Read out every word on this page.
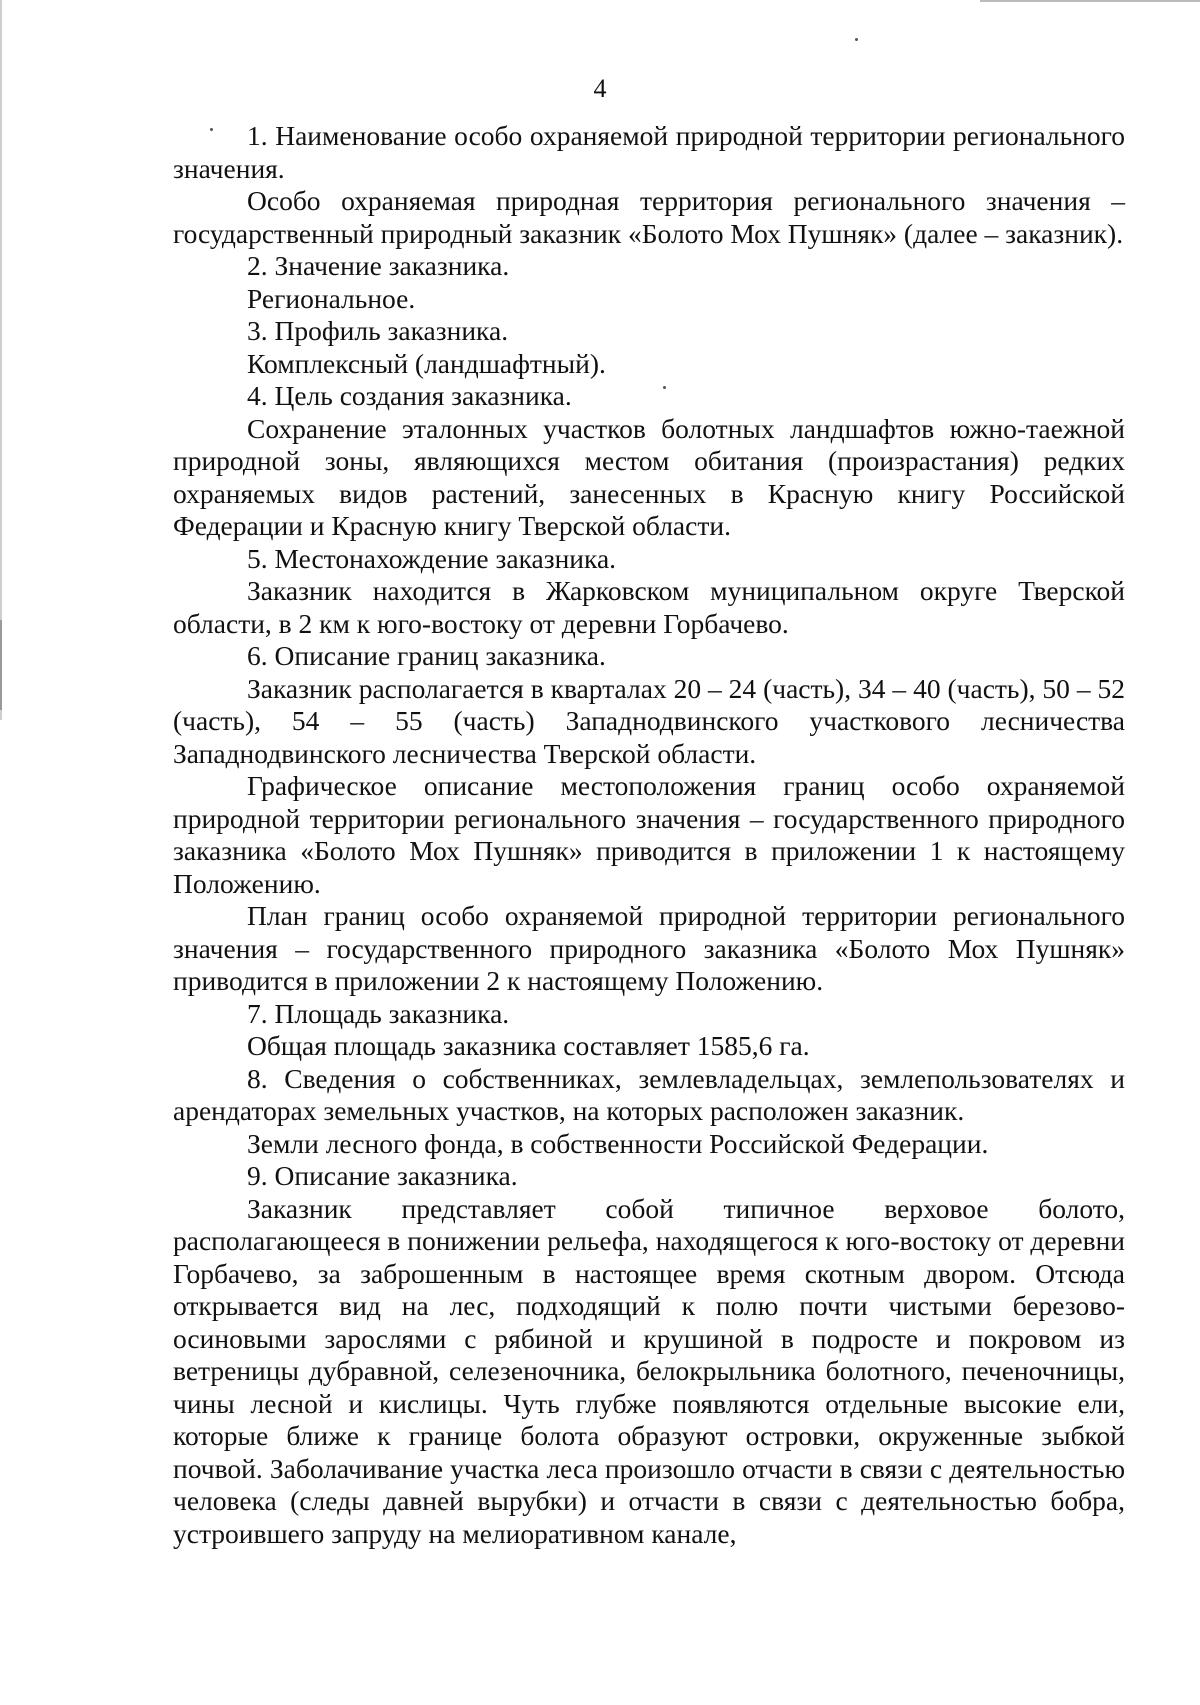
4

1. Наименование особо охраняемой природной территории регионального значения.

Особо охраняемая природная территория регионального значения – государственный природный заказник «Болото Мох Пушняк» (далее – заказник).

2. Значение заказника.

Региональное.

3. Профиль заказника.

Комплексный (ландшафтный).

4. Цель создания заказника.

Сохранение эталонных участков болотных ландшафтов южно-таежной природной зоны, являющихся местом обитания (произрастания) редких охраняемых видов растений, занесенных в Красную книгу Российской Федерации и Красную книгу Тверской области.

5. Местонахождение заказника.

Заказник находится в Жарковском муниципальном округе Тверской области, в 2 км к юго-востоку от деревни Горбачево.

6. Описание границ заказника.

Заказник располагается в кварталах 20 – 24 (часть), 34 – 40 (часть), 50 – 52 (часть), 54 – 55 (часть) Западнодвинского участкового лесничества Западнодвинского лесничества Тверской области.

Графическое описание местоположения границ особо охраняемой природной территории регионального значения – государственного природного заказника «Болото Мох Пушняк» приводится в приложении 1 к настоящему Положению.

План границ особо охраняемой природной территории регионального значения – государственного природного заказника «Болото Мох Пушняк» приводится в приложении 2 к настоящему Положению.

7. Площадь заказника.

Общая площадь заказника составляет 1585,6 га.

8. Сведения о собственниках, землевладельцах, землепользователях и арендаторах земельных участков, на которых расположен заказник.

Земли лесного фонда, в собственности Российской Федерации.

9. Описание заказника.

Заказник представляет собой типичное верховое болото, располагающееся в понижении рельефа, находящегося к юго-востоку от деревни Горбачево, за заброшенным в настоящее время скотным двором. Отсюда открывается вид на лес, подходящий к полю почти чистыми березово-осиновыми зарослями с рябиной и крушиной в подросте и покровом из ветреницы дубравной, селезеночника, белокрыльника болотного, печеночницы, чины лесной и кислицы. Чуть глубже появляются отдельные высокие ели, которые ближе к границе болота образуют островки, окруженные зыбкой почвой. Заболачивание участка леса произошло отчасти в связи с деятельностью человека (следы давней вырубки) и отчасти в связи с деятельностью бобра, устроившего запруду на мелиоративном канале,
